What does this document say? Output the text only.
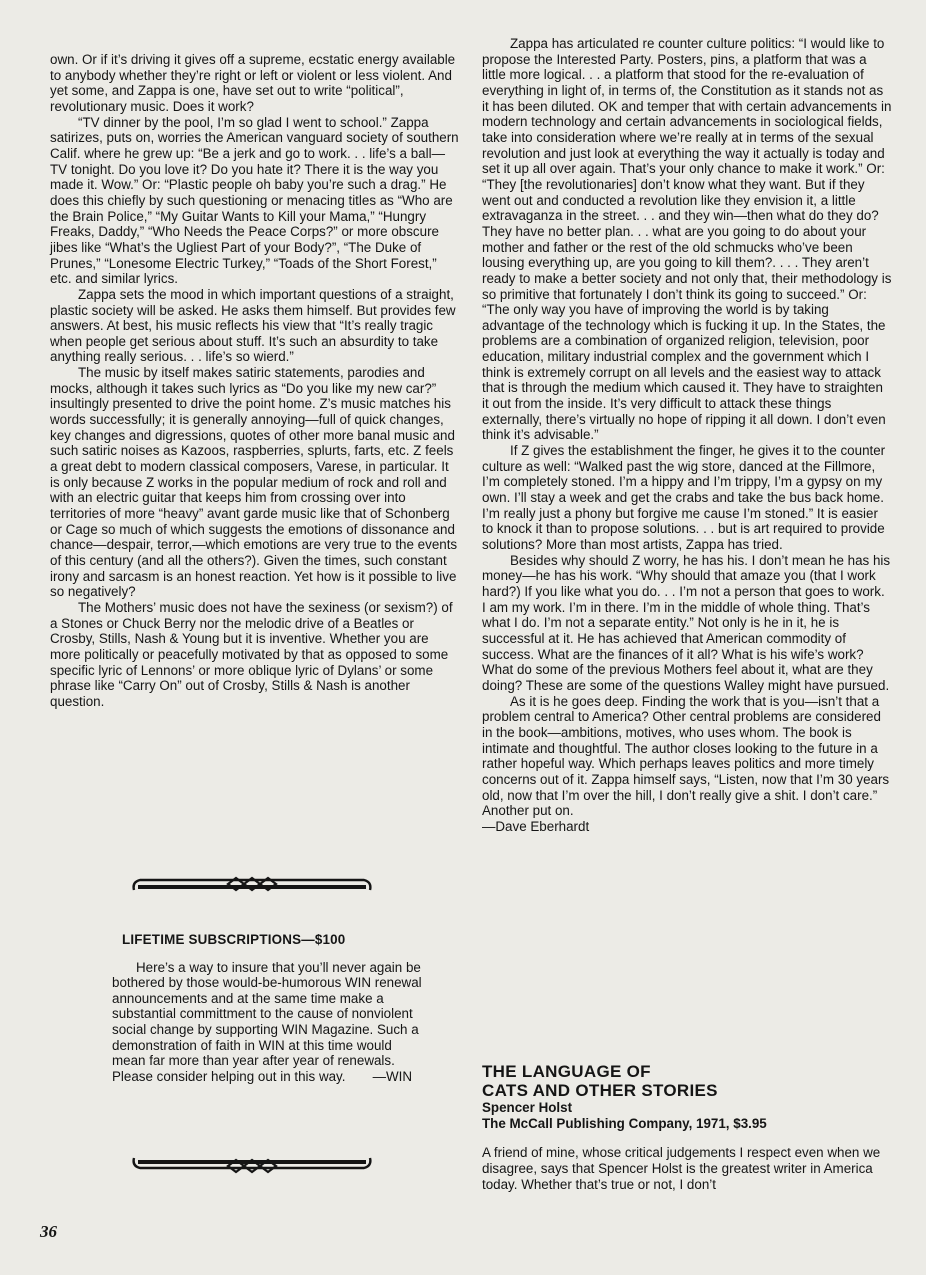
own. Or if it’s driving it gives off a supreme, ecstatic energy available to anybody whether they’re right or left or violent or less violent. And yet some, and Zappa is one, have set out to write “political”, revolutionary music. Does it work?

“TV dinner by the pool, I’m so glad I went to school.” Zappa satirizes, puts on, worries the American vanguard society of southern Calif. where he grew up: “Be a jerk and go to work. . . life’s a ball—TV tonight. Do you love it? Do you hate it? There it is the way you made it. Wow.” Or: “Plastic people oh baby you’re such a drag.” He does this chiefly by such questioning or menacing titles as “Who are the Brain Police,” “My Guitar Wants to Kill your Mama,” “Hungry Freaks, Daddy,” “Who Needs the Peace Corps?” or more obscure jibes like “What’s the Ugliest Part of your Body?”, “The Duke of Prunes,” “Lonesome Electric Turkey,” “Toads of the Short Forest,” etc. and similar lyrics.

Zappa sets the mood in which important questions of a straight, plastic society will be asked. He asks them himself. But provides few answers. At best, his music reflects his view that “It’s really tragic when people get serious about stuff. It’s such an absurdity to take anything really serious. . . life’s so wierd.”

The music by itself makes satiric statements, parodies and mocks, although it takes such lyrics as “Do you like my new car?” insultingly presented to drive the point home. Z’s music matches his words successfully; it is generally annoying—full of quick changes, key changes and digressions, quotes of other more banal music and such satiric noises as Kazoos, raspberries, splurts, farts, etc. Z feels a great debt to modern classical composers, Varese, in particular. It is only because Z works in the popular medium of rock and roll and with an electric guitar that keeps him from crossing over into territories of more “heavy” avant garde music like that of Schonberg or Cage so much of which suggests the emotions of dissonance and chance—despair, terror,—which emotions are very true to the events of this century (and all the others?). Given the times, such constant irony and sarcasm is an honest reaction. Yet how is it possible to live so negatively?

The Mothers’ music does not have the sexiness (or sexism?) of a Stones or Chuck Berry nor the melodic drive of a Beatles or Crosby, Stills, Nash & Young but it is inventive. Whether you are more politically or peacefully motivated by that as opposed to some specific lyric of Lennons’ or more oblique lyric of Dylans’ or some phrase like “Carry On” out of Crosby, Stills & Nash is another question.

LIFETIME SUBSCRIPTIONS—$100

Here’s a way to insure that you’ll never again be bothered by those would-be-humorous WIN renewal announcements and at the same time make a substantial committment to the cause of nonviolent social change by supporting WIN Magazine. Such a demonstration of faith in WIN at this time would mean far more than year after year of renewals. Please consider helping out in this way.	—WIN

Zappa has articulated re counter culture politics: “I would like to propose the Interested Party. Posters, pins, a platform that was a little more logical. . . a platform that stood for the re-evaluation of everything in light of, in terms of, the Constitution as it stands not as it has been diluted. OK and temper that with certain advancements in modern technology and certain advancements in sociological fields, take into consideration where we’re really at in terms of the sexual revolution and just look at everything the way it actually is today and set it up all over again. That’s your only chance to make it work.” Or: “They [the revolutionaries] don’t know what they want. But if they went out and conducted a revolution like they envision it, a little extravaganza in the street. . . and they win—then what do they do? They have no better plan. . . what are you going to do about your mother and father or the rest of the old schmucks who’ve been lousing everything up, are you going to kill them?. . . . They aren’t ready to make a better society and not only that, their methodology is so primitive that fortunately I don’t think its going to succeed.” Or: “The only way you have of improving the world is by taking advantage of the technology which is fucking it up. In the States, the problems are a combination of organized religion, television, poor education, military industrial complex and the government which I think is extremely corrupt on all levels and the easiest way to attack that is through the medium which caused it. They have to straighten it out from the inside. It’s very difficult to attack these things externally, there’s virtually no hope of ripping it all down. I don’t even think it’s advisable.”

If Z gives the establishment the finger, he gives it to the counter culture as well: “Walked past the wig store, danced at the Fillmore, I’m completely stoned. I’m a hippy and I’m trippy, I’m a gypsy on my own. I’ll stay a week and get the crabs and take the bus back home. I’m really just a phony but forgive me cause I’m stoned.” It is easier to knock it than to propose solutions. . . but is art required to provide solutions? More than most artists, Zappa has tried.

Besides why should Z worry, he has his. I don’t mean he has his money—he has his work. “Why should that amaze you (that I work hard?) If you like what you do. . . I’m not a person that goes to work. I am my work. I’m in there. I’m in the middle of whole thing. That’s what I do. I’m not a separate entity.” Not only is he in it, he is successful at it. He has achieved that American commodity of success. What are the finances of it all? What is his wife’s work? What do some of the previous Mothers feel about it, what are they doing? These are some of the questions Walley might have pursued.

As it is he goes deep. Finding the work that is you—isn’t that a problem central to America? Other central problems are considered in the book—ambitions, motives, who uses whom. The book is intimate and thoughtful. The author closes looking to the future in a rather hopeful way. Which perhaps leaves politics and more timely concerns out of it. Zappa himself says, “Listen, now that I’m 30 years old, now that I’m over the hill, I don’t really give a shit. I don’t care.” Another put on.

—Dave Eberhardt

THE LANGUAGE OF
CATS AND OTHER STORIES

Spencer Holst

The McCall Publishing Company, 1971, $3.95

A friend of mine, whose critical judgements I respect even when we disagree, says that Spencer Holst is the greatest writer in America today. Whether that’s true or not, I don’t

36
